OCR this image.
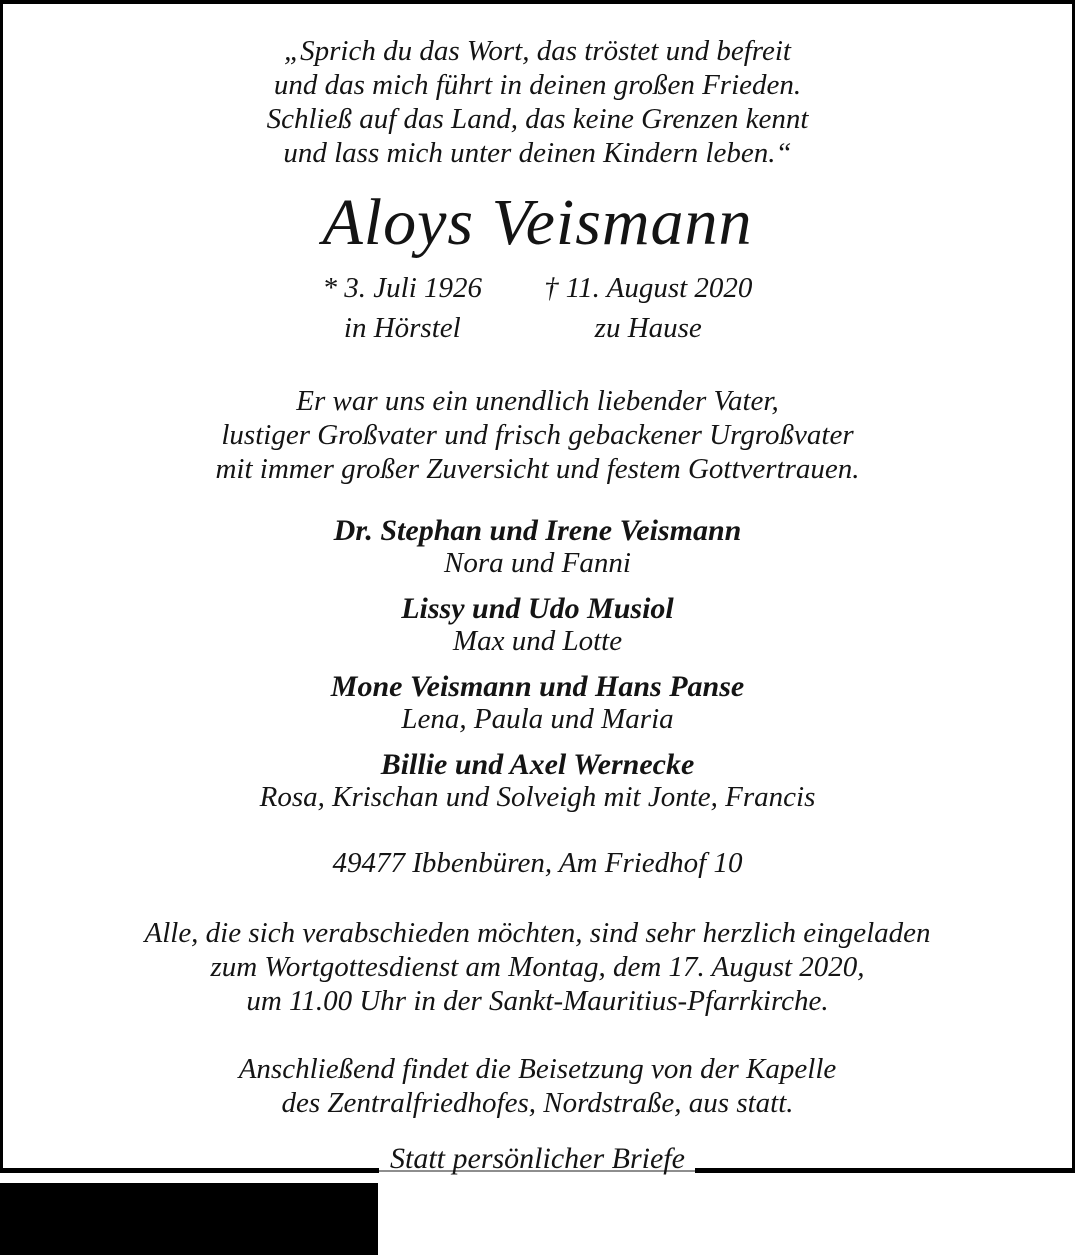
„Sprich du das Wort, das tröstet und befreit
und das mich führt in deinen großen Frieden.
Schließ auf das Land, das keine Grenzen kennt
und lass mich unter deinen Kindern leben.“
Aloys Veismann
* 3. Juli 1926
in Hörstel
† 11. August 2020
zu Hause
Er war uns ein unendlich liebender Vater,
lustiger Großvater und frisch gebackener Urgroßvater
mit immer großer Zuversicht und festem Gottvertrauen.
Dr. Stephan und Irene Veismann
Nora und Fanni
Lissy und Udo Musiol
Max und Lotte
Mone Veismann und Hans Panse
Lena, Paula und Maria
Billie und Axel Wernecke
Rosa, Krischan und Solveigh mit Jonte, Francis
49477 Ibbenbüren, Am Friedhof 10
Alle, die sich verabschieden möchten, sind sehr herzlich eingeladen
zum Wortgottesdienst am Montag, dem 17. August 2020,
um 11.00 Uhr in der Sankt-Mauritius-Pfarrkirche.
Anschließend findet die Beisetzung von der Kapelle
des Zentralfriedhofes, Nordstraße, aus statt.
Statt persönlicher Briefe
